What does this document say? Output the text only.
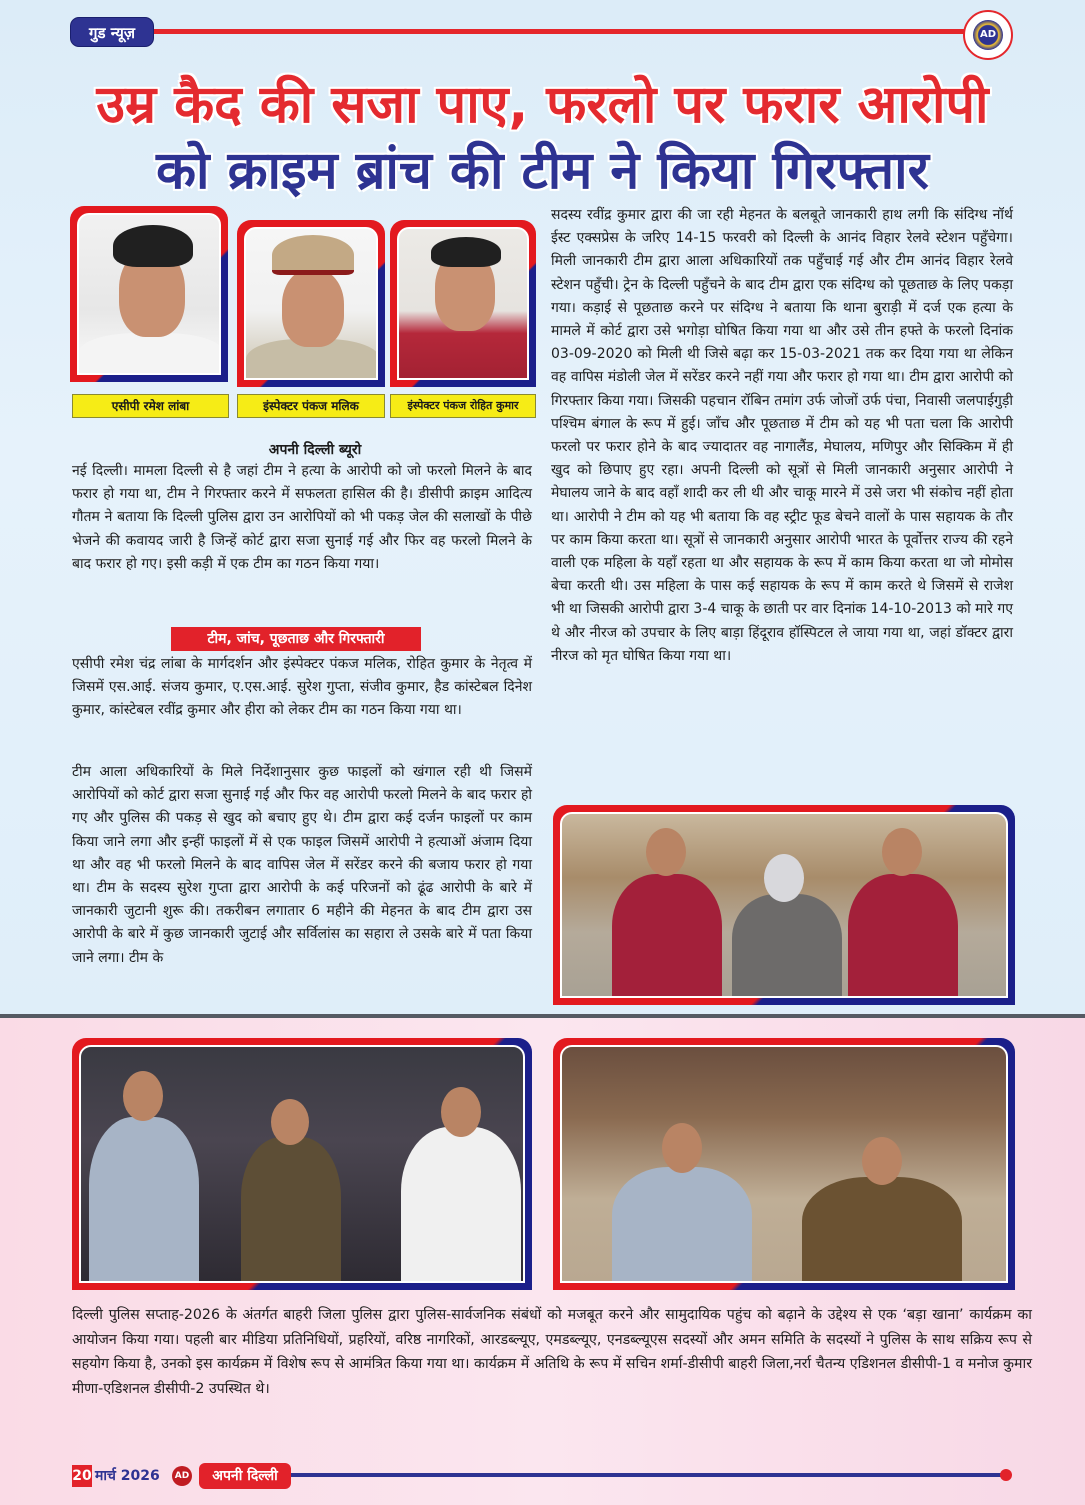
गुड न्यूज़	AD
उम्र कैद की सजा पाए, फरलो पर फरार आरोपी
को क्राइम ब्रांच की टीम ने किया गिरफ्तार
एसीपी रमेश लांबा	इंस्पेक्टर पंकज मलिक	इंस्पेक्टर पंकज रोहित कुमार
अपनी दिल्ली ब्यूरो

नई दिल्ली। मामला दिल्ली से है जहां टीम ने हत्या के आरोपी को जो फरलो मिलने के बाद फरार हो गया था, टीम ने गिरफ्तार करने में सफलता हासिल की है। डीसीपी क्राइम आदित्य गौतम ने बताया कि दिल्ली पुलिस द्वारा उन आरोपियों को भी पकड़ जेल की सलाखों के पीछे भेजने की कवायद जारी है जिन्हें कोर्ट द्वारा सजा सुनाई गई और फिर वह फरलो मिलने के बाद फरार हो गए। इसी कड़ी में एक टीम का गठन किया गया।

टीम, जांच, पूछताछ और गिरफ्तारी

एसीपी रमेश चंद्र लांबा के मार्गदर्शन और इंस्पेक्टर पंकज मलिक, रोहित कुमार के नेतृत्व में जिसमें एस.आई. संजय कुमार, ए.एस.आई. सुरेश गुप्ता, संजीव कुमार, हैड कांस्टेबल दिनेश कुमार, कांस्टेबल रवींद्र कुमार और हीरा को लेकर टीम का गठन किया गया था।

टीम आला अधिकारियों के मिले निर्देशानुसार कुछ फाइलों को खंगाल रही थी जिसमें आरोपियों को कोर्ट द्वारा सजा सुनाई गई और फिर वह आरोपी फरलो मिलने के बाद फरार हो गए और पुलिस की पकड़ से खुद को बचाए हुए थे। टीम द्वारा कई दर्जन फाइलों पर काम किया जाने लगा और इन्हीं फाइलों में से एक फाइल जिसमें आरोपी ने हत्याओं अंजाम दिया था और वह भी फरलो मिलने के बाद वापिस जेल में सरेंडर करने की बजाय फरार हो गया था। टीम के सदस्य सुरेश गुप्ता द्वारा आरोपी के कई परिजनों को ढूंढ आरोपी के बारे में जानकारी जुटानी शुरू की। तकरीबन लगातार 6 महीने की मेहनत के बाद टीम द्वारा उस आरोपी के बारे में कुछ जानकारी जुटाई और सर्विलांस का सहारा ले उसके बारे में पता किया जाने लगा। टीम के

सदस्य रवींद्र कुमार द्वारा की जा रही मेहनत के बलबूते जानकारी हाथ लगी कि संदिग्ध नॉर्थ ईस्ट एक्सप्रेस के जरिए 14-15 फरवरी को दिल्ली के आनंद विहार रेलवे स्टेशन पहुँचेगा। मिली जानकारी टीम द्वारा आला अधिकारियों तक पहुँचाई गई और टीम आनंद विहार रेलवे स्टेशन पहुँची। ट्रेन के दिल्ली पहुँचने के बाद टीम द्वारा एक संदिग्ध को पूछताछ के लिए पकड़ा गया। कड़ाई से पूछताछ करने पर संदिग्ध ने बताया कि थाना बुराड़ी में दर्ज एक हत्या के मामले में कोर्ट द्वारा उसे भगोड़ा घोषित किया गया था और उसे तीन हफ्ते के फरलो दिनांक 03-09-2020 को मिली थी जिसे बढ़ा कर 15-03-2021 तक कर दिया गया था लेकिन वह वापिस मंडोली जेल में सरेंडर करने नहीं गया और फरार हो गया था। टीम द्वारा आरोपी को गिरफ्तार किया गया। जिसकी पहचान रॉबिन तमांग उर्फ जोजों उर्फ पंचा, निवासी जलपाईगुड़ी पश्चिम बंगाल के रूप में हुई। जाँच और पूछताछ में टीम को यह भी पता चला कि आरोपी फरलो पर फरार होने के बाद ज्यादातर वह नागालैंड, मेघालय, मणिपुर और सिक्किम में ही खुद को छिपाए हुए रहा। अपनी दिल्ली को सूत्रों से मिली जानकारी अनुसार आरोपी ने मेघालय जाने के बाद वहाँ शादी कर ली थी और चाकू मारने में उसे जरा भी संकोच नहीं होता था। आरोपी ने टीम को यह भी बताया कि वह स्ट्रीट फूड बेचने वालों के पास सहायक के तौर पर काम किया करता था। सूत्रों से जानकारी अनुसार आरोपी भारत के पूर्वोत्तर राज्य की रहने वाली एक महिला के यहाँ रहता था और सहायक के रूप में काम किया करता था जो मोमोस बेचा करती थी। उस महिला के पास कई सहायक के रूप में काम करते थे जिसमें से राजेश भी था जिसकी आरोपी द्वारा 3-4 चाकू के छाती पर वार दिनांक 14-10-2013 को मारे गए थे और नीरज को उपचार के लिए बाड़ा हिंदूराव हॉस्पिटल ले जाया गया था, जहां डॉक्टर द्वारा नीरज को मृत घोषित किया गया था।

दिल्ली पुलिस सप्ताह-2026 के अंतर्गत बाहरी जिला पुलिस द्वारा पुलिस-सार्वजनिक संबंधों को मजबूत करने और सामुदायिक पहुंच को बढ़ाने के उद्देश्य से एक ‘बड़ा खाना’ कार्यक्रम का आयोजन किया गया। पहली बार मीडिया प्रतिनिधियों, प्रहरियों, वरिष्ठ नागरिकों, आरडब्ल्यूए, एमडब्ल्यूए, एनडब्ल्यूएस सदस्यों और अमन समिति के सदस्यों ने पुलिस के साथ सक्रिय रूप से सहयोग किया है, उनको इस कार्यक्रम में विशेष रूप से आमंत्रित किया गया था। कार्यक्रम में अतिथि के रूप में सचिन शर्मा-डीसीपी बाहरी जिला,नर्रा चैतन्य एडिशनल डीसीपी-1 व मनोज कुमार मीणा-एडिशनल डीसीपी-2 उपस्थित थे।

20 मार्च 2026	AD	अपनी दिल्ली
